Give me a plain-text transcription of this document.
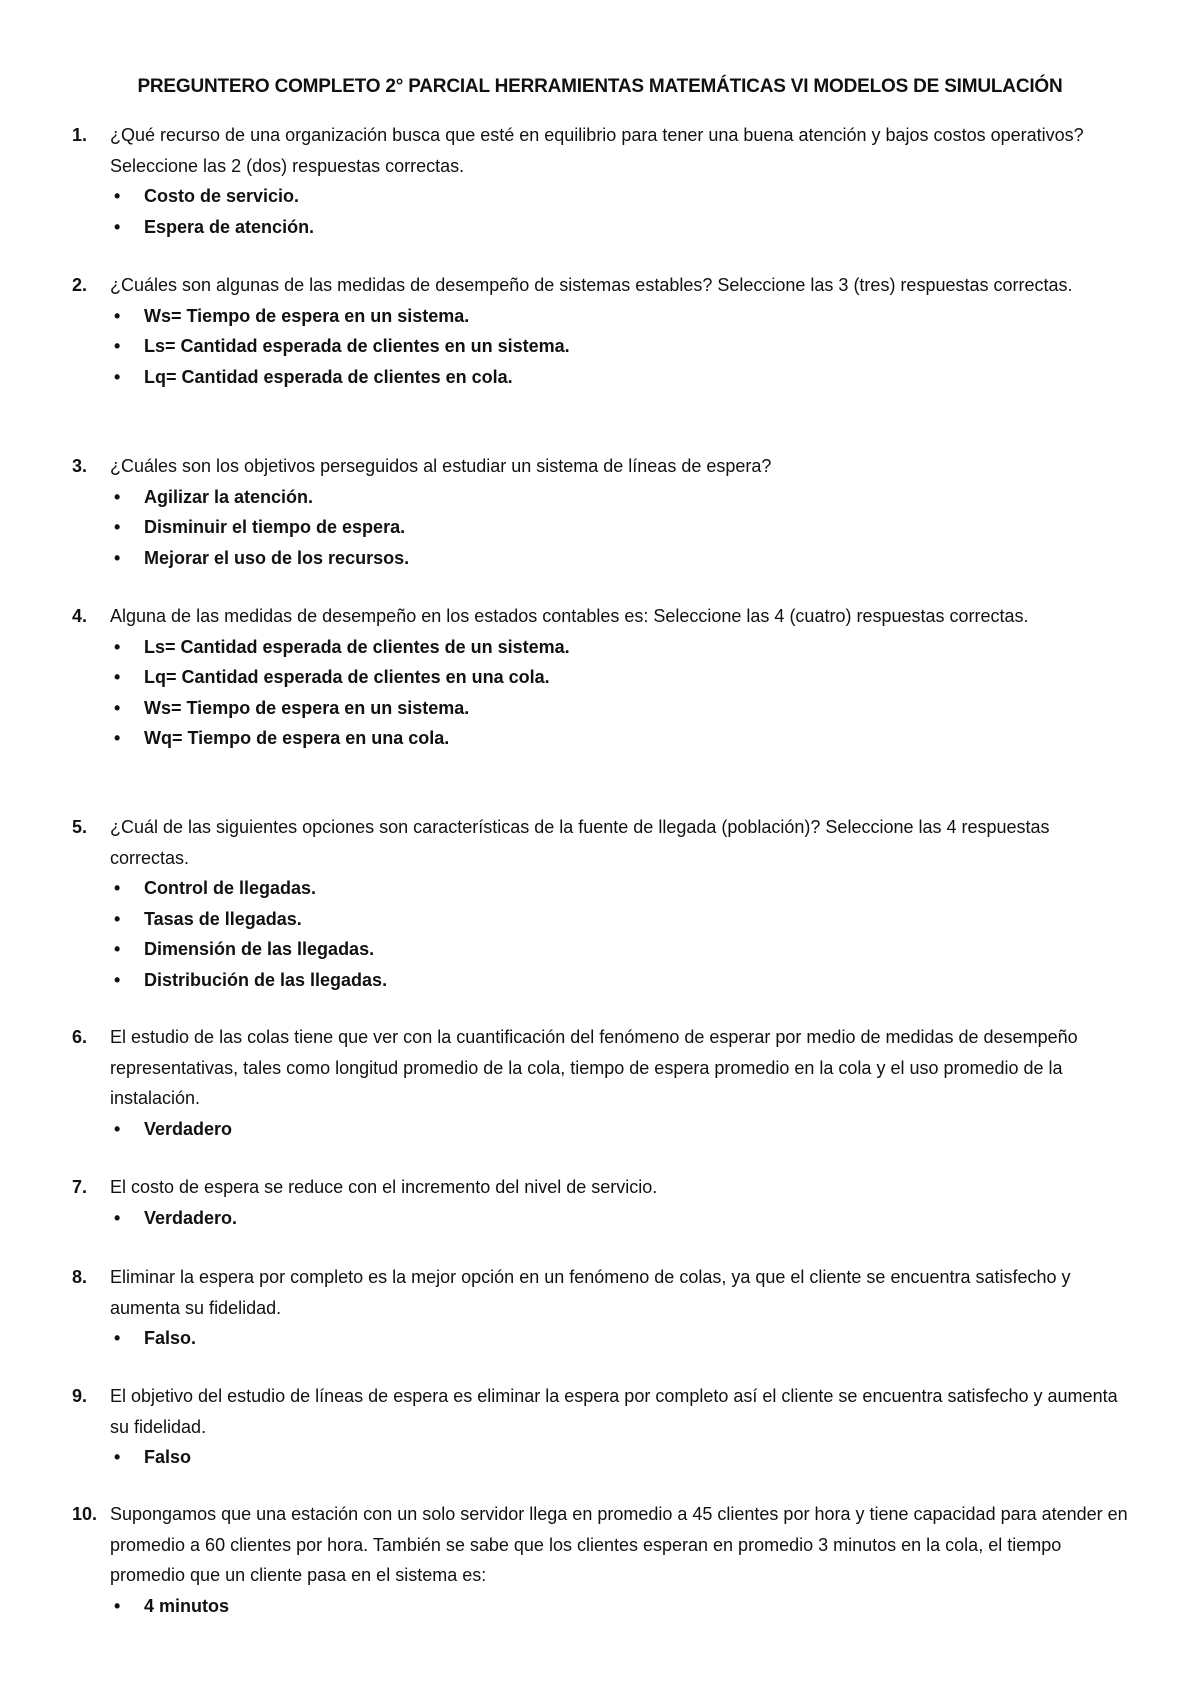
PREGUNTERO COMPLETO 2° PARCIAL HERRAMIENTAS MATEMÁTICAS VI MODELOS DE SIMULACIÓN
1.	¿Qué recurso de una organización busca que esté en equilibrio para tener una buena atención y bajos costos operativos? Seleccione las 2 (dos) respuestas correctas.
•	Costo de servicio.
•	Espera de atención.
2.	¿Cuáles son algunas de las medidas de desempeño de sistemas estables? Seleccione las 3 (tres) respuestas correctas.
•	Ws= Tiempo de espera en un sistema.
•	Ls= Cantidad esperada de clientes en un sistema.
•	Lq= Cantidad esperada de clientes en cola.
3.	¿Cuáles son los objetivos perseguidos al estudiar un sistema de líneas de espera?
•	Agilizar la atención.
•	Disminuir el tiempo de espera.
•	Mejorar el uso de los recursos.
4.	Alguna de las medidas de desempeño en los estados contables es: Seleccione las 4 (cuatro) respuestas correctas.
•	Ls= Cantidad esperada de clientes de un sistema.
•	Lq= Cantidad esperada de clientes en una cola.
•	Ws= Tiempo de espera en un sistema.
•	Wq= Tiempo de espera en una cola.
5.	¿Cuál de las siguientes opciones son características de la fuente de llegada (población)? Seleccione las 4 respuestas correctas.
•	Control de llegadas.
•	Tasas de llegadas.
•	Dimensión de las llegadas.
•	Distribución de las llegadas.
6.	El estudio de las colas tiene que ver con la cuantificación del fenómeno de esperar por medio de medidas de desempeño representativas, tales como longitud promedio de la cola, tiempo de espera promedio en la cola y el uso promedio de la instalación.
•	Verdadero
7.	El costo de espera se reduce con el incremento del nivel de servicio.
•	Verdadero.
8.	Eliminar la espera por completo es la mejor opción en un fenómeno de colas, ya que el cliente se encuentra satisfecho y aumenta su fidelidad.
•	Falso.
9.	El objetivo del estudio de líneas de espera es eliminar la espera por completo así el cliente se encuentra satisfecho y aumenta su fidelidad.
•	Falso
10. Supongamos que una estación con un solo servidor llega en promedio a 45 clientes por hora y tiene capacidad para atender en promedio a 60 clientes por hora. También se sabe que los clientes esperan en promedio 3 minutos en la cola, el tiempo promedio que un cliente pasa en el sistema es:
•	4 minutos
